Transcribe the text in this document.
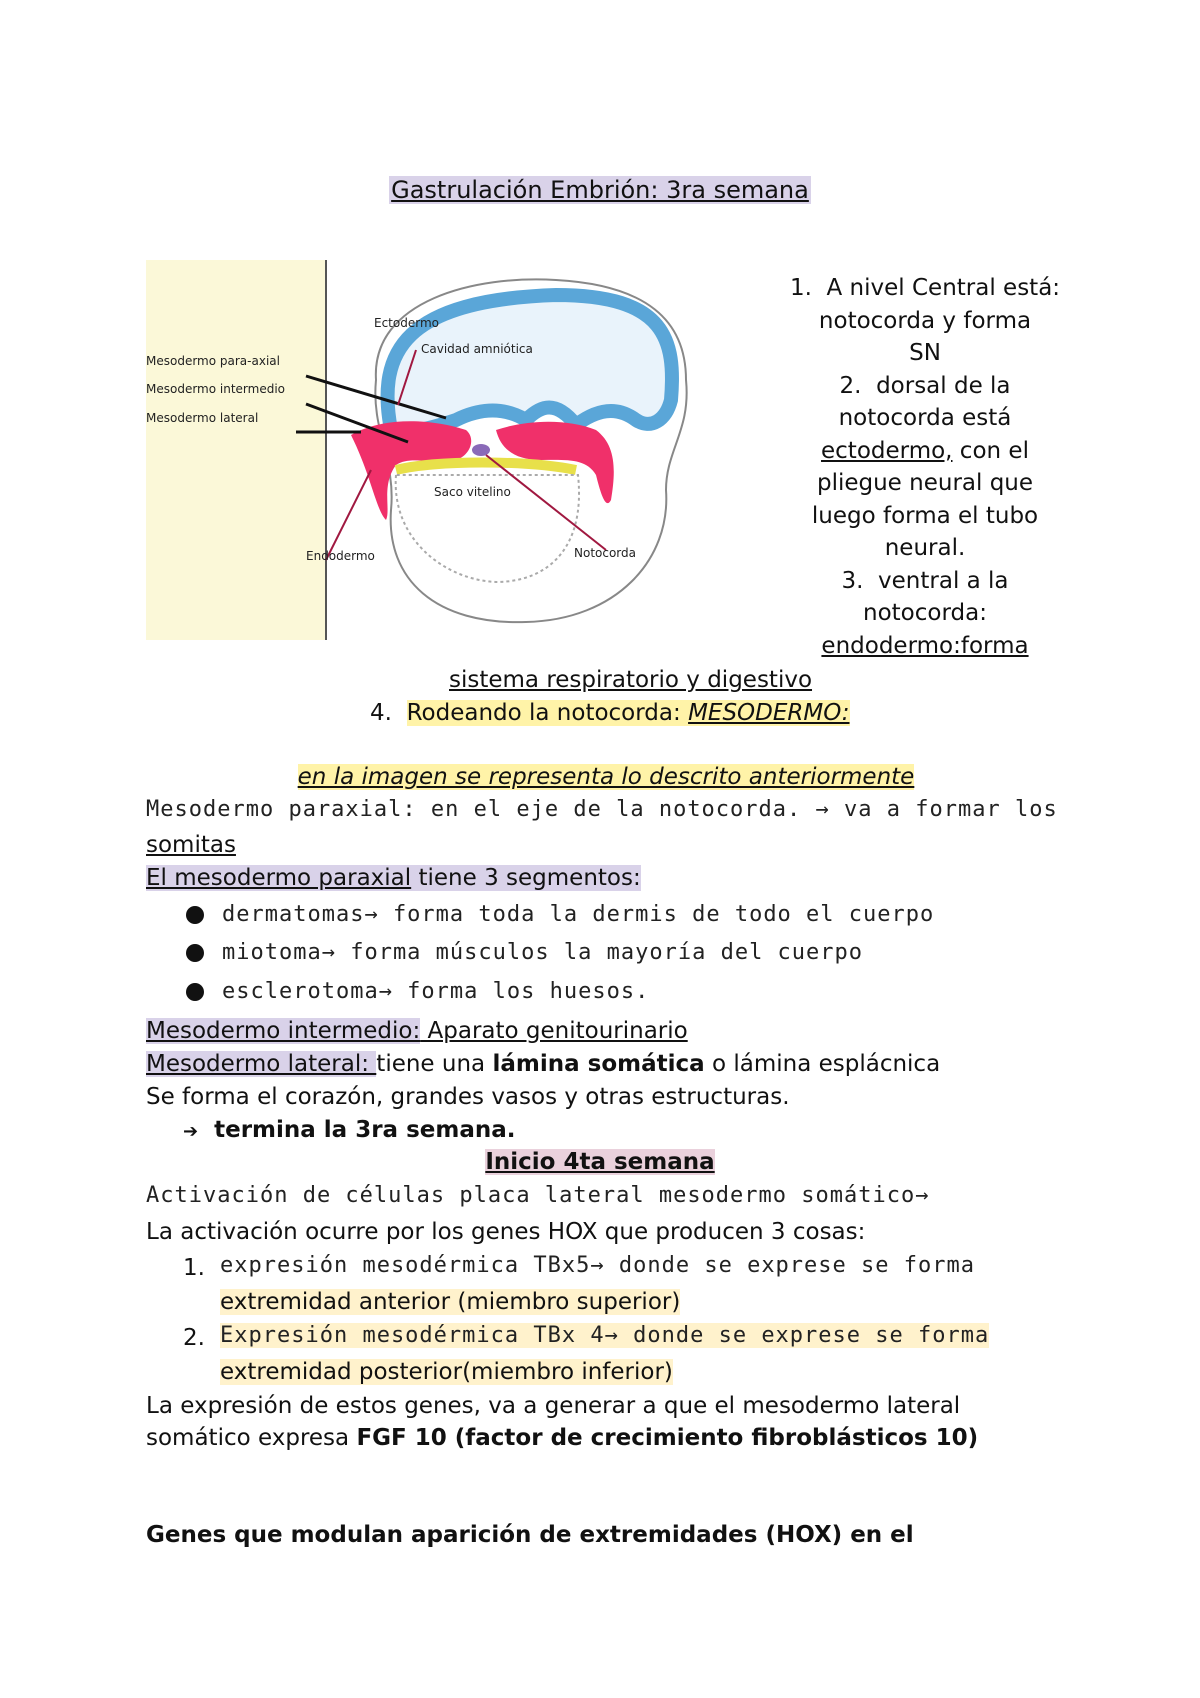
Gastrulación Embrión: 3ra semana
Ectodermo
Cavidad amniótica
Mesodermo para-axial
Mesodermo intermedio
Mesodermo lateral
Saco vitelino
Endodermo	Notocorda
1. A nivel Central está:
notocorda y forma
SN
2. dorsal de la
notocorda está
ectodermo, con el
pliegue neural que
luego forma el tubo
neural.
3. ventral a la
notocorda:
endodermo:forma
sistema respiratorio y digestivo
4. Rodeando la notocorda: MESODERMO:
en la imagen se representa lo descrito anteriormente
Mesodermo paraxial: en el eje de la notocorda. → va a formar los
somitas
El mesodermo paraxial tiene 3 segmentos:
dermatomas→ forma toda la dermis de todo el cuerpo
miotoma→ forma músculos la mayoría del cuerpo
esclerotoma→ forma los huesos.
Mesodermo intermedio: Aparato genitourinario
Mesodermo lateral: tiene una lámina somática o lámina esplácnica
Se forma el corazón, grandes vasos y otras estructuras.
➔ termina la 3ra semana.
Inicio 4ta semana
Activación de células placa lateral mesodermo somático→
La activación ocurre por los genes HOX que producen 3 cosas:
1. expresión mesodérmica TBx5→ donde se exprese se forma
extremidad anterior (miembro superior)
2. Expresión mesodérmica TBx 4→ donde se exprese se forma
extremidad posterior(miembro inferior)
La expresión de estos genes, va a generar a que el mesodermo lateral
somático expresa FGF 10 (factor de crecimiento fibroblásticos 10)
Genes que modulan aparición de extremidades (HOX) en el
